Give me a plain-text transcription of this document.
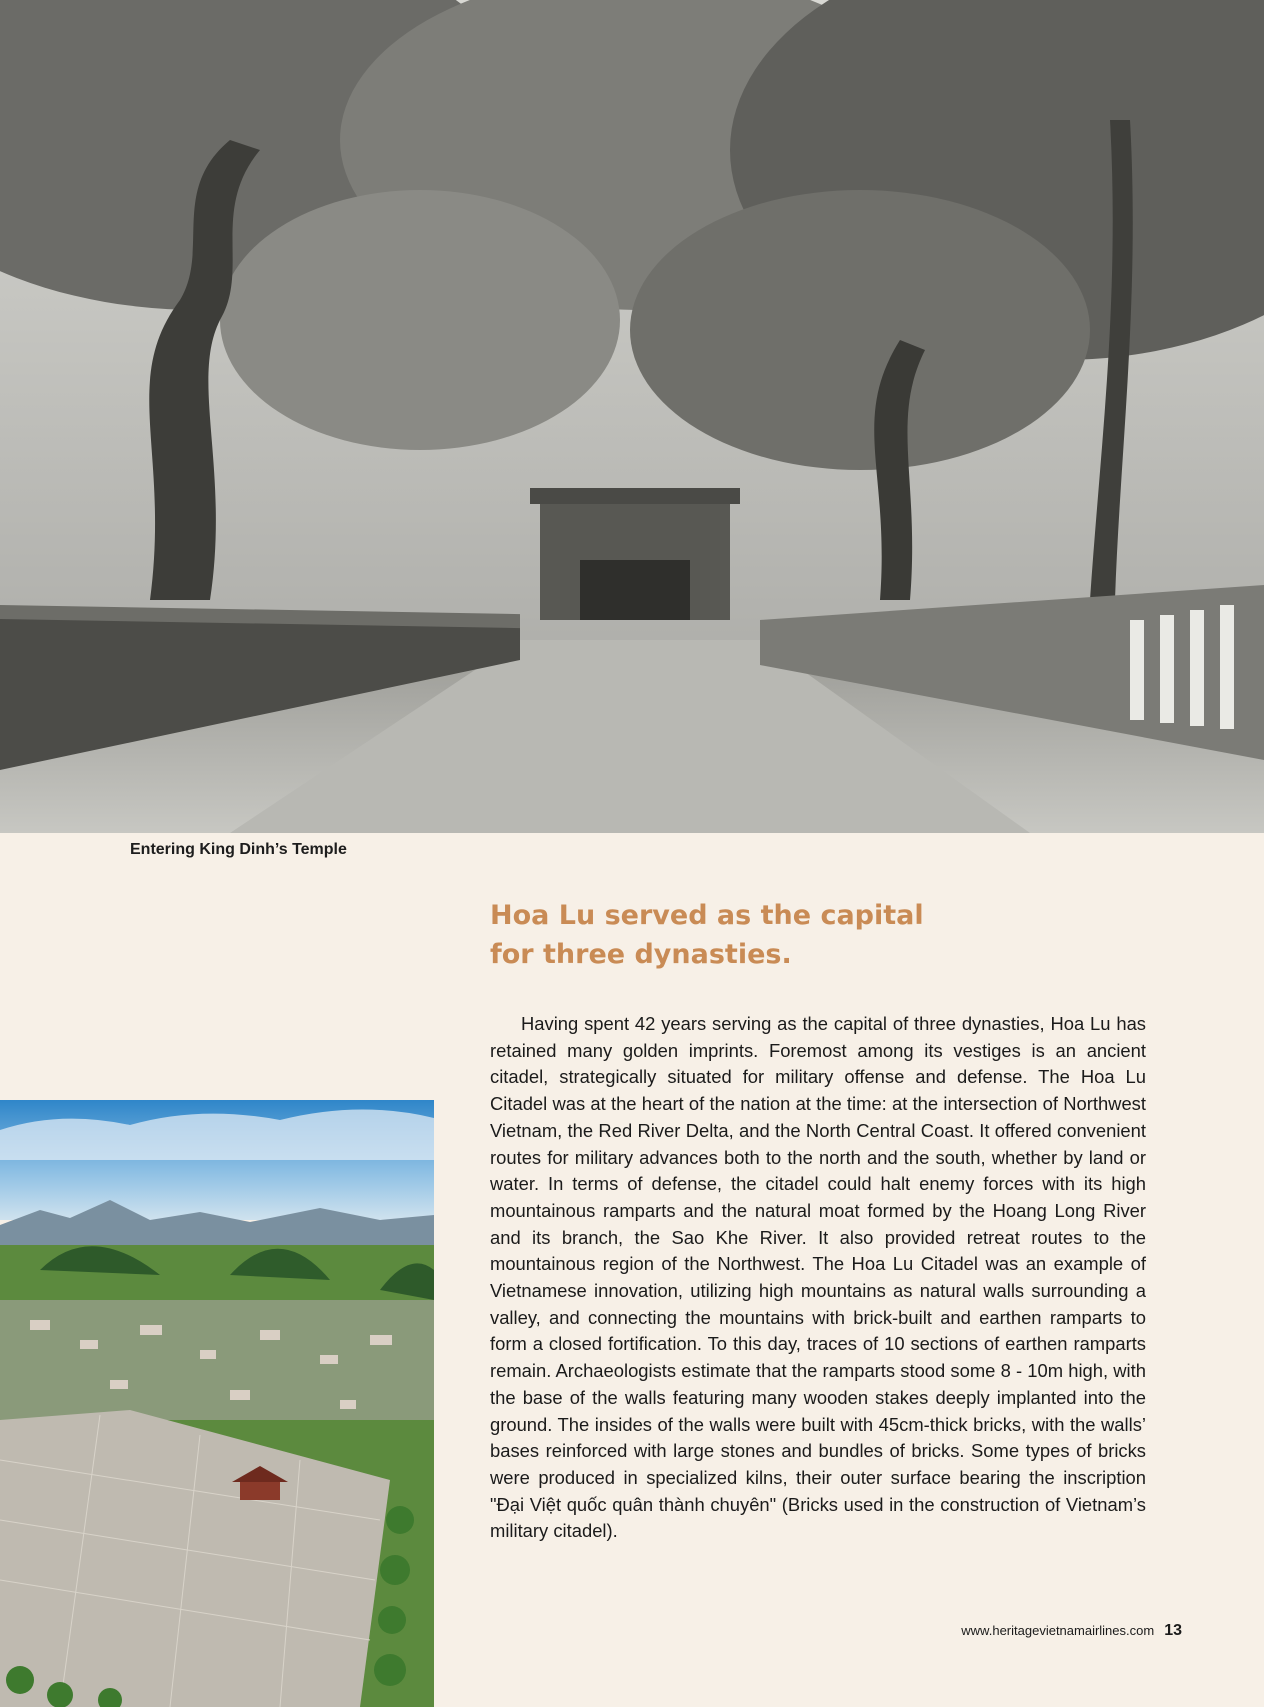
Entering King Dinh’s Temple
Hoa Lu served as the capital
for three dynasties.

Having spent 42 years serving as the capital of three dynasties, Hoa Lu has retained many golden imprints. Foremost among its vestiges is an ancient citadel, strategically situated for military offense and defense. The Hoa Lu Citadel was at the heart of the nation at the time: at the intersection of Northwest Vietnam, the Red River Delta, and the North Central Coast. It offered convenient routes for military advances both to the north and the south, whether by land or water. In terms of defense, the citadel could halt enemy forces with its high mountainous ramparts and the natural moat formed by the Hoang Long River and its branch, the Sao Khe River. It also provided retreat routes to the mountainous region of the Northwest. The Hoa Lu Citadel was an example of Vietnamese innovation, utilizing high mountains as natural walls surrounding a valley, and connecting the mountains with brick-built and earthen ramparts to form a closed fortification. To this day, traces of 10 sections of earthen ramparts remain. Archaeologists estimate that the ramparts stood some 8 - 10m high, with the base of the walls featuring many wooden stakes deeply implanted into the ground. The insides of the walls were built with 45cm-thick bricks, with the walls’ bases reinforced with large stones and bundles of bricks. Some types of bricks were produced in specialized kilns, their outer surface bearing the inscription "Đại Việt quốc quân thành chuyên" (Bricks used in the construction of Vietnam’s military citadel).

www.heritagevietnamairlines.com 13
